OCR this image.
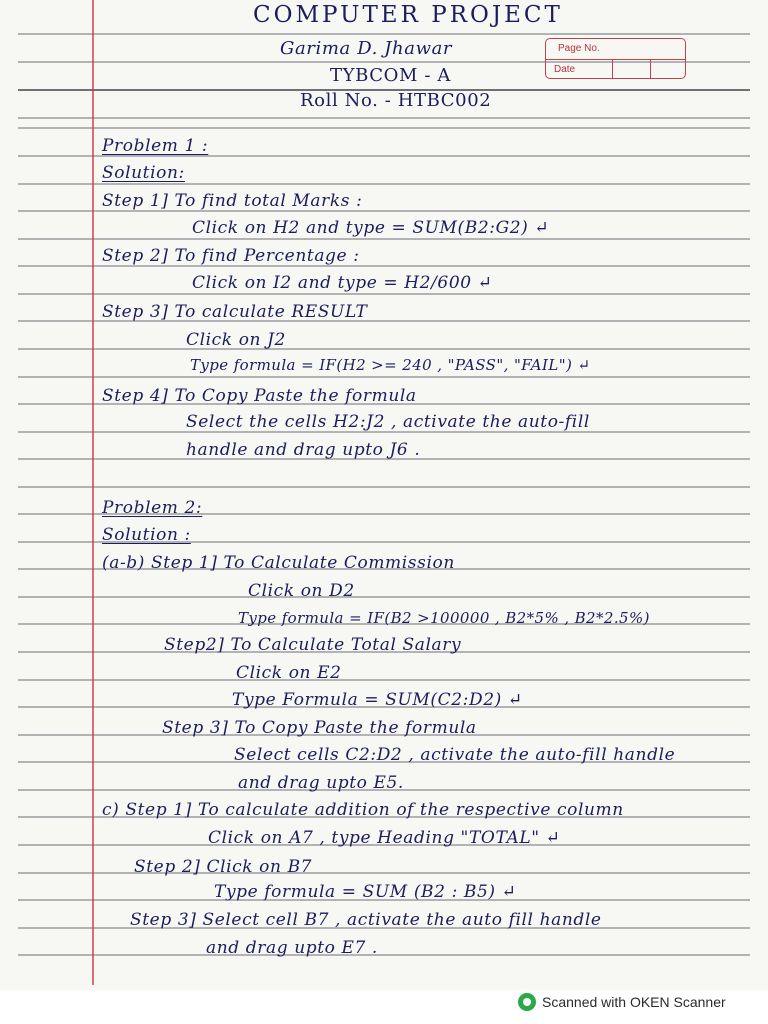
COMPUTER PROJECT
Garima D. Jhawar
TYBCOM - A
Roll No. - HTBC002
Page No.
Date
Problem 1 :
Solution:
Step 1] To find total Marks :
Click on H2 and type = SUM(B2:G2) ↵
Step 2] To find Percentage :
Click on I2 and type = H2/600 ↵
Step 3] To calculate RESULT
Click on J2
Type formula = IF(H2 >= 240 , "PASS", "FAIL") ↵
Step 4] To Copy Paste the formula
Select the cells H2:J2 , activate the auto-fill
handle and drag upto J6 .
Problem 2:
Solution :
(a-b) Step 1] To Calculate Commission
Click on D2
Type formula = IF(B2 >100000 , B2*5% , B2*2.5%)
Step2] To Calculate Total Salary
Click on E2
Type Formula = SUM(C2:D2) ↵
Step 3] To Copy Paste the formula
Select cells C2:D2 , activate the auto-fill handle
and drag upto E5.
c) Step 1] To calculate addition of the respective column
Click on A7 , type Heading "TOTAL" ↵
Step 2] Click on B7
Type formula = SUM (B2 : B5) ↵
Step 3] Select cell B7 , activate the auto fill handle
and drag upto E7 .
Scanned with OKEN Scanner
